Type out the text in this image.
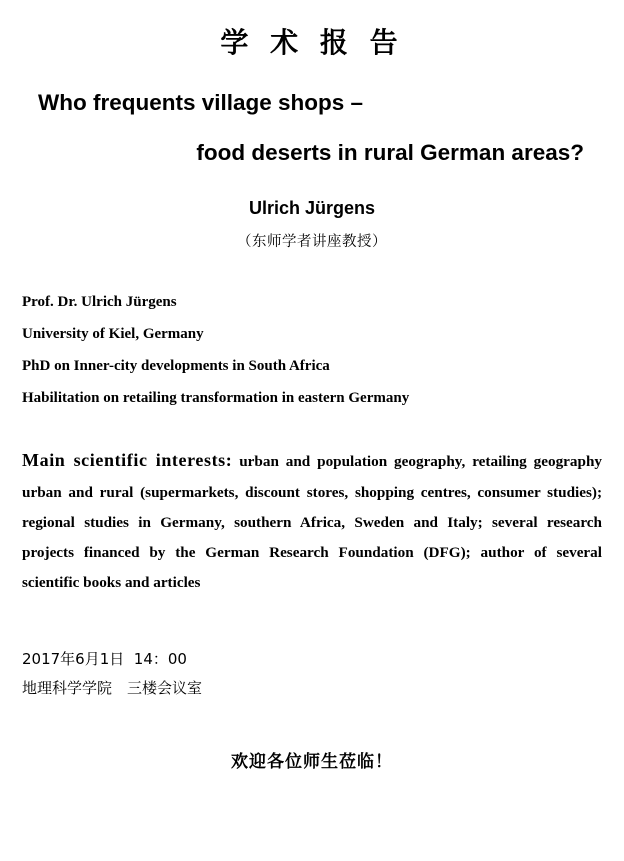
学 术 报 告
Who frequents village shops –
food deserts in rural German areas?
Ulrich Jürgens
（东师学者讲座教授）
Prof. Dr. Ulrich Jürgens
University of Kiel, Germany
PhD on Inner-city developments in South Africa
Habilitation on retailing transformation in eastern Germany
Main scientific interests: urban and population geography, retailing geography urban and rural (supermarkets, discount stores, shopping centres, consumer studies); regional studies in Germany, southern Africa, Sweden and Italy; several research projects financed by the German Research Foundation (DFG); author of several scientific books and articles
2017年6月1日  14：00
地理科学学院　三楼会议室
欢迎各位师生莅临！
